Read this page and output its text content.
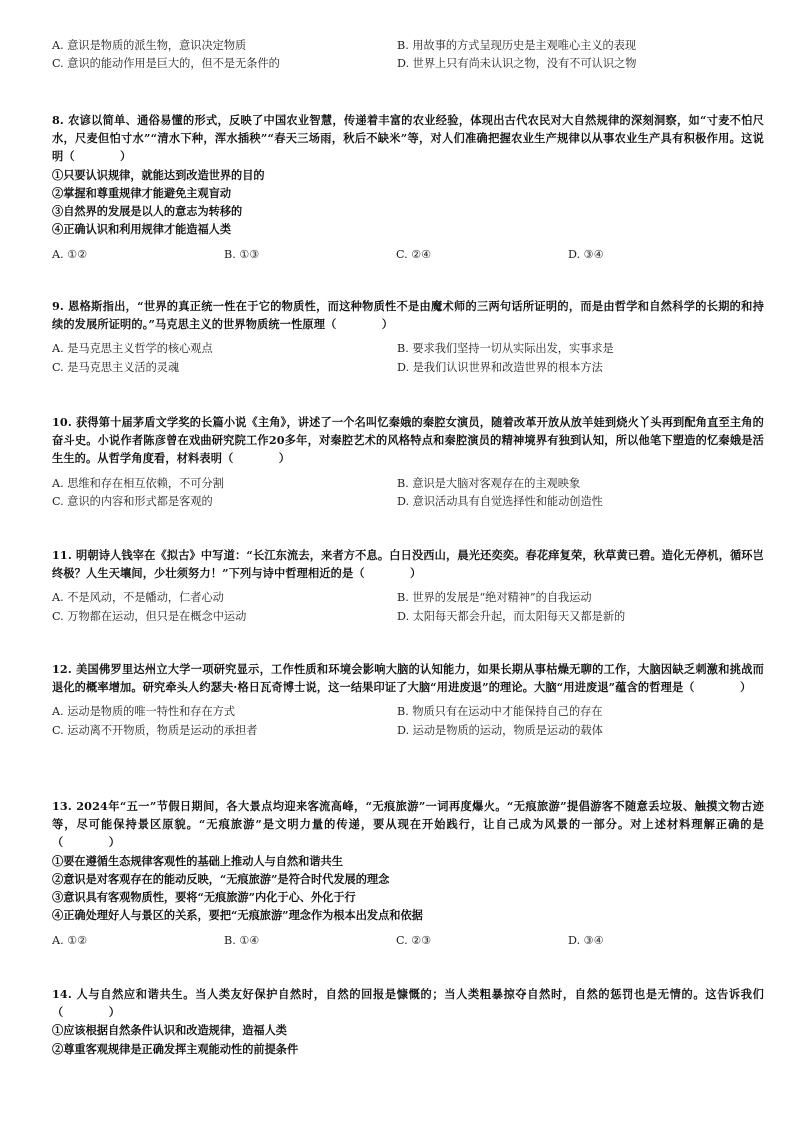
A. 意识是物质的派生物，意识决定物质	B. 用故事的方式呈现历史是主观唯心主义的表现
C. 意识的能动作用是巨大的，但不是无条件的	D. 世界上只有尚未认识之物，没有不可认识之物
8. 农谚以简单、通俗易懂的形式，反映了中国农业智慧，传递着丰富的农业经验，体现出古代农民对大自然规律的深刻洞察，如“寸麦不怕尺水，尺麦但怕寸水”“清水下种，浑水插秧”“春天三场雨，秋后不缺米”等，对人们准确把握农业生产规律以从事农业生产具有积极作用。这说明（　　　　）
①只要认识规律，就能达到改造世界的目的
②掌握和尊重规律才能避免主观盲动
③自然界的发展是以人的意志为转移的
④正确认识和利用规律才能造福人类
A. ①②	B. ①③	C. ②④	D. ③④
9. 恩格斯指出，“世界的真正统一性在于它的物质性，而这种物质性不是由魔术师的三两句话所证明的，而是由哲学和自然科学的长期的和持续的发展所证明的。”马克思主义的世界物质统一性原理（　　　　）
A. 是马克思主义哲学的核心观点	B. 要求我们坚持一切从实际出发，实事求是
C. 是马克思主义活的灵魂	D. 是我们认识世界和改造世界的根本方法
10. 获得第十届茅盾文学奖的长篇小说《主角》，讲述了一个名叫忆秦娥的秦腔女演员，随着改革开放从放羊娃到烧火丫头再到配角直至主角的奋斗史。小说作者陈彦曾在戏曲研究院工作20多年，对秦腔艺术的风格特点和秦腔演员的精神境界有独到认知，所以他笔下塑造的忆秦娥是活生生的。从哲学角度看，材料表明（　　　　）
A. 思维和存在相互依赖，不可分割	B. 意识是大脑对客观存在的主观映象
C. 意识的内容和形式都是客观的	D. 意识活动具有自觉选择性和能动创造性
11. 明朝诗人钱宰在《拟古》中写道：“长江东流去，来者方不息。白日没西山，晨光还奕奕。春花痒复荣，秋草黄已碧。造化无停机，循环岂终极？人生天壤间，少壮须努力！”下列与诗中哲理相近的是（　　　　）
A. 不是风动，不是幡动，仁者心动	B. 世界的发展是“绝对精神”的自我运动
C. 万物都在运动，但只是在概念中运动	D. 太阳每天都会升起，而太阳每天又都是新的
12. 美国佛罗里达州立大学一项研究显示，工作性质和环境会影响大脑的认知能力，如果长期从事枯燥无聊的工作，大脑因缺乏刺激和挑战而退化的概率增加。研究牵头人约瑟夫·格日瓦奇博士说，这一结果印证了大脑“用进废退”的理论。大脑“用进废退”蕴含的哲理是（　　　　）
A. 运动是物质的唯一特性和存在方式	B. 物质只有在运动中才能保持自己的存在
C. 运动离不开物质，物质是运动的承担者	D. 运动是物质的运动，物质是运动的载体
13. 2024年“五一”节假日期间，各大景点均迎来客流高峰，“无痕旅游”一词再度爆火。“无痕旅游”提倡游客不随意丢垃圾、触摸文物古迹等，尽可能保持景区原貌。“无痕旅游”是文明力量的传递，要从现在开始践行，让自己成为风景的一部分。对上述材料理解正确的是（　　　　）
①要在遵循生态规律客观性的基础上推动人与自然和谐共生
②意识是对客观存在的能动反映，“无痕旅游”是符合时代发展的理念
③意识具有客观物质性，要将“无痕旅游”内化于心、外化于行
④正确处理好人与景区的关系，要把“无痕旅游”理念作为根本出发点和依据
A. ①②	B. ①④	C. ②③	D. ③④
14. 人与自然应和谐共生。当人类友好保护自然时，自然的回报是慷慨的；当人类粗暴掠夺自然时，自然的惩罚也是无情的。这告诉我们（　　　　）
①应该根据自然条件认识和改造规律，造福人类
②尊重客观规律是正确发挥主观能动性的前提条件
